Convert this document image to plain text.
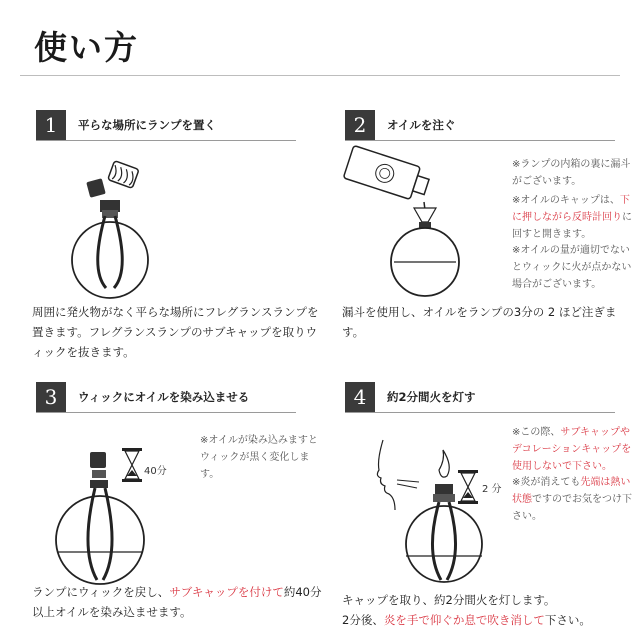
使い方
1	平らな場所にランプを置く
周囲に発火物がなく平らな場所にフレグランスランプを置きます。フレグランスランプのサブキャップを取りウィックを抜きます。
2	オイルを注ぐ
※ランプの内箱の裏に漏斗がございます。
※オイルのキャップは、下に押しながら反時計回りに回すと開きます。
※オイルの量が適切でないとウィックに火が点かない場合がございます。
漏斗を使用し、オイルをランプの3分の 2 ほど注ぎます。
3	ウィックにオイルを染み込ませる
40分
※オイルが染み込みますとウィックが黒く変化します。
ランプにウィックを戻し、サブキャップを付けて約40分以上オイルを染み込ませます。
4	約2分間火を灯す
2 分
※この際、サブキャップやデコレーションキャップを使用しないで下さい。
※炎が消えても先端は熱い状態ですのでお気をつけ下さい。
キャップを取り、約2分間火を灯します。
2分後、炎を手で仰ぐか息で吹き消して下さい。
